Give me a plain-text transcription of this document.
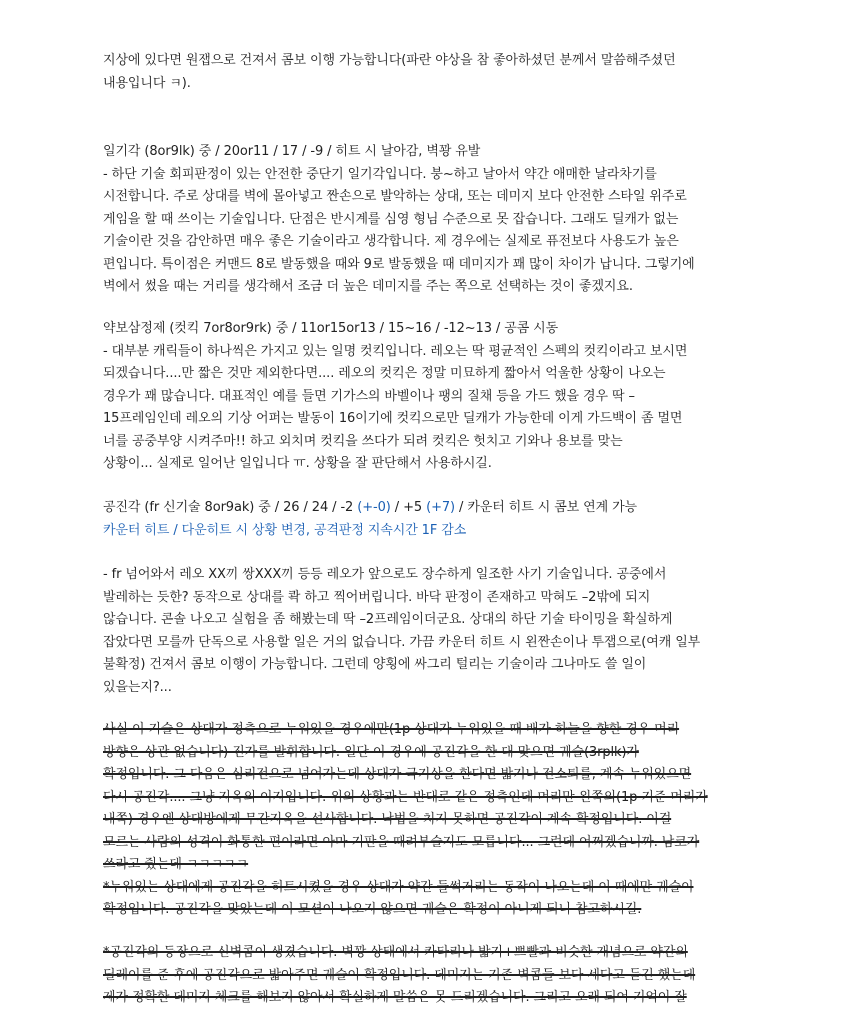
지상에 있다면 원잽으로 건져서 콤보 이행 가능합니다(파란 야상을 참 좋아하셨던 분께서 말씀해주셨던
내용입니다 ㅋ).
일기각 (8or9lk) 중 / 20or11 / 17 / -9 / 히트 시 날아감, 벽꽝 유발
- 하단 기술 회피판정이 있는 안전한 중단기 일기각입니다. 붕~하고 날아서 약간 애매한 날라차기를
시전합니다. 주로 상대를 벽에 몰아넣고 짠손으로 발악하는 상대, 또는 데미지 보다 안전한 스타일 위주로
게임을 할 때 쓰이는 기술입니다. 단점은 반시계를 심영 형님 수준으로 못 잡습니다. 그래도 딜캐가 없는
기술이란 것을 감안하면 매우 좋은 기술이라고 생각합니다. 제 경우에는 실제로 퓨전보다 사용도가 높은
편입니다. 특이점은 커맨드 8로 발동했을 때와 9로 발동했을 때 데미지가 꽤 많이 차이가 납니다. 그렇기에
벽에서 썼을 때는 거리를 생각해서 조금 더 높은 데미지를 주는 쪽으로 선택하는 것이 좋겠지요.
약보삼정제 (컷킥 7or8or9rk) 중 / 11or15or13 / 15~16 / -12~13 / 공콤 시동
- 대부분 캐릭들이 하나씩은 가지고 있는 일명 컷킥입니다. 레오는 딱 평균적인 스펙의 컷킥이라고 보시면
되겠습니다....만 짧은 것만 제외한다면.... 레오의 컷킥은 정말 미묘하게 짧아서 억울한 상황이 나오는
경우가 꽤 많습니다. 대표적인 예를 들면 기가스의 바벨이나 팽의 질채 등을 가드 했을 경우 딱 –
15프레임인데 레오의 기상 어퍼는 발동이 16이기에 컷킥으로만 딜캐가 가능한데 이게 가드백이 좀 멀면
너를 공중부양 시켜주마!! 하고 외치며 컷킥을 쓰다가 되려 컷킥은 헛치고 기와나 용보를 맞는
상황이... 실제로 일어난 일입니다 ㅠ. 상황을 잘 판단해서 사용하시길.
공진각 (fr 신기술 8or9ak) 중 / 26 / 24 / -2 (+-0) / +5 (+7) / 카운터 히트 시 콤보 연계 가능
카운터 히트 / 다운히트 시 상황 변경, 공격판정 지속시간 1F 감소
- fr 넘어와서 레오 XX끼 쌍XXX끼 등등 레오가 앞으로도 장수하게 일조한 사기 기술입니다. 공중에서
발레하는 듯한? 동작으로 상대를 콱 하고 찍어버립니다. 바닥 판정이 존재하고 막혀도 –2밖에 되지
않습니다. 콘솔 나오고 실험을 좀 해봤는데 딱 –2프레임이더군요. 상대의 하단 기술 타이밍을 확실하게
잡았다면 모를까 단독으로 사용할 일은 거의 없습니다. 가끔 카운터 히트 시 왼짠손이나 투잽으로(여캐 일부
불확정) 건져서 콤보 이행이 가능합니다. 그런데 양횡에 싸그리 털리는 기술이라 그나마도 쓸 일이
있을는지?...
사실 이 기술은 상대가 정측으로 누워있을 경우에만(1p 상대가 누워있을 때 배가 하늘을 향한 경우 머리
방향은 상관 없습니다) 진가를 발휘합니다. 일단 이 경우에 공진각을 한 대 맞으면 궤슬(3rplk)가
확정입니다. 그 다음은 심리전으로 넘어가는데 상대가 극기상을 한다면 밟기나 전소퇴를, 계속 누워있으면
다시 공진각.... 그냥 지옥의 이지입니다. 위의 상황과는 반대로 같은 정측인데 머리만 왼쪽의(1p 기준 머리가
내쪽) 경우엔 상대방에게 무간지옥을 선사합니다. 낙법을 치지 못하면 공진각이 계속 확정입니다. 이걸
모르는 사람의 성격이 화통한 편이라면 아마 기판을 때려부술지도 모릅니다... 그런데 어쩌겠습니까. 남코가
쓰라고 줬는데 ㅋㅋㅋㅋㅋ
*누워있는 상대에게 공진각을 히트시켰을 경우 상대가 약간 들썩거리는 동작이 나오는데 이 때에만 궤슬이
확정입니다. 공진각을 맞았는데 이 모션이 나오지 않으면 궤슬은 확정이 아니게 되니 참고하시길.
*공진각의 등장으로 신벽콤이 생겼습니다. 벽꽝 상태에서 카타리나 밟기+쁘빨과 비슷한 개념으로 약간의
딜레이를 준 후에 공진각으로 밟아주면 궤슬이 확정입니다. 데미지는 기존 벽콤들 보다 세다고 듣긴 했는데
제가 정확한 데미지 체크를 해보지 않아서 확실하게 말씀은 못 드리겠습니다. 그리고 오래 되어 기억이 잘
